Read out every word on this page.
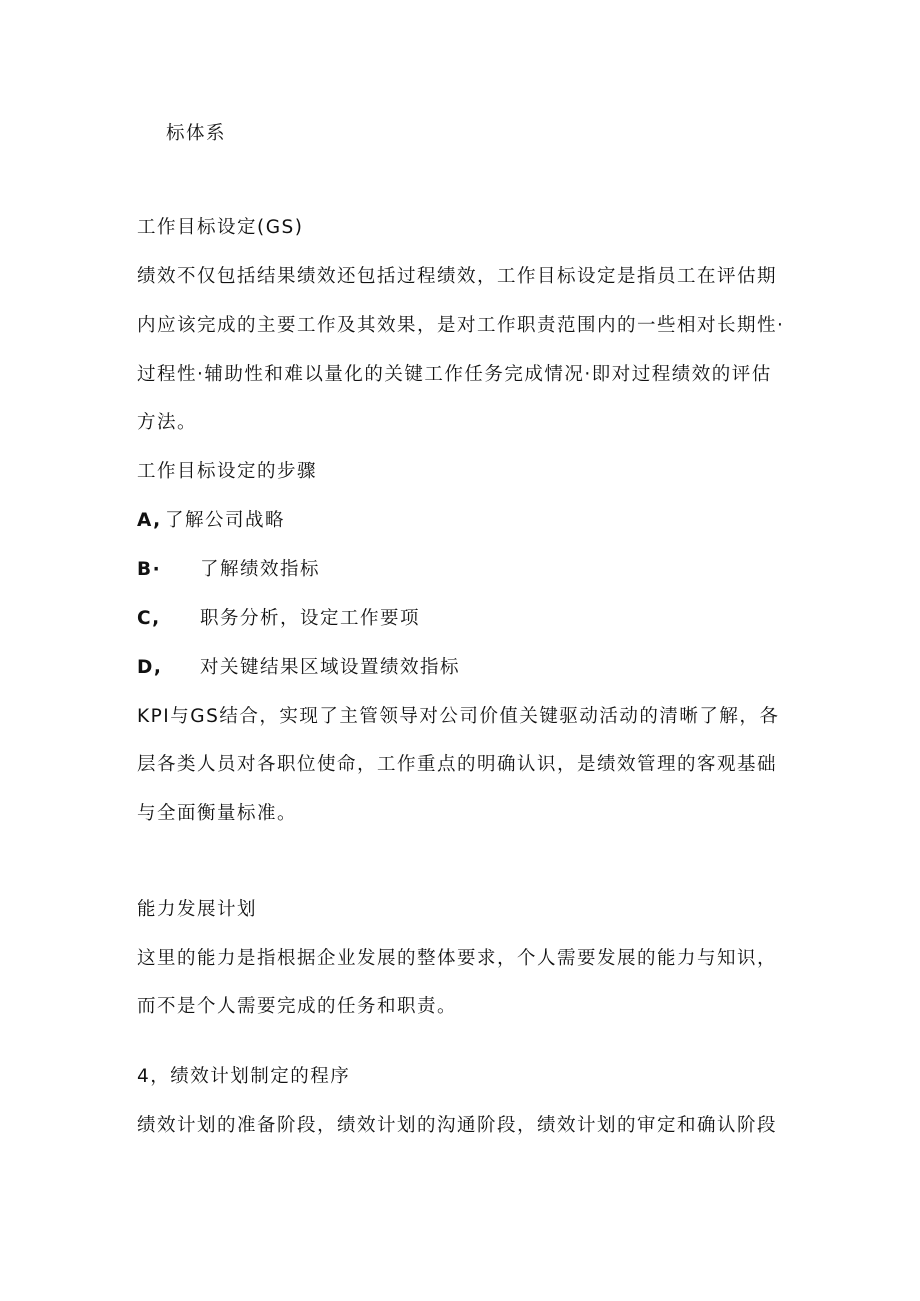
标体系
工作目标设定(GS)
绩效不仅包括结果绩效还包括过程绩效，工作目标设定是指员工在评估期
内应该完成的主要工作及其效果，是对工作职责范围内的一些相对长期性·
过程性·辅助性和难以量化的关键工作任务完成情况·即对过程绩效的评估
方法。
工作目标设定的步骤
A, 了解公司战略
B· 了解绩效指标
C, 职务分析，设定工作要项
D, 对关键结果区域设置绩效指标
KPI与GS结合，实现了主管领导对公司价值关键驱动活动的清晰了解，各
层各类人员对各职位使命，工作重点的明确认识，是绩效管理的客观基础
与全面衡量标准。
能力发展计划
这里的能力是指根据企业发展的整体要求，个人需要发展的能力与知识，
而不是个人需要完成的任务和职责。
4，绩效计划制定的程序
绩效计划的准备阶段，绩效计划的沟通阶段，绩效计划的审定和确认阶段
